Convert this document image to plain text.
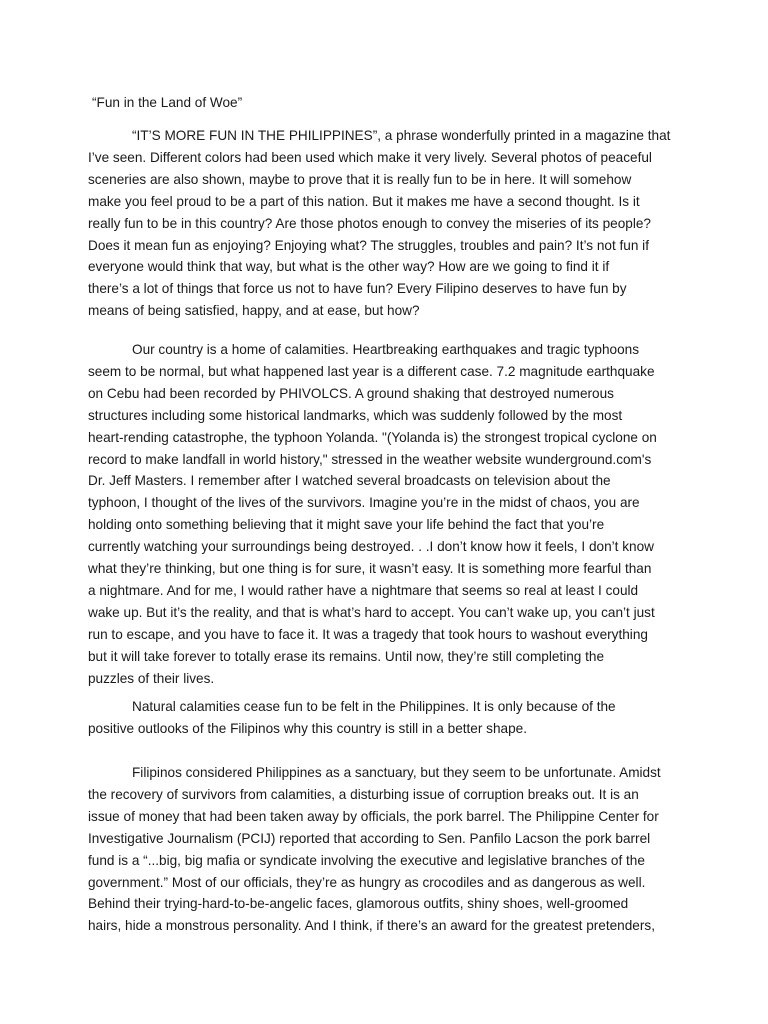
“Fun in the Land of Woe”

“IT’S MORE FUN IN THE PHILIPPINES”, a phrase wonderfully printed in a magazine that
I’ve seen. Different colors had been used which make it very lively. Several photos of peaceful
sceneries are also shown, maybe to prove that it is really fun to be in here. It will somehow
make you feel proud to be a part of this nation. But it makes me have a second thought. Is it
really fun to be in this country? Are those photos enough to convey the miseries of its people?
Does it mean fun as enjoying? Enjoying what? The struggles, troubles and pain? It’s not fun if
everyone would think that way, but what is the other way? How are we going to find it if
there’s a lot of things that force us not to have fun? Every Filipino deserves to have fun by
means of being satisfied, happy, and at ease, but how?
Our country is a home of calamities. Heartbreaking earthquakes and tragic typhoons
seem to be normal, but what happened last year is a different case. 7.2 magnitude earthquake
on Cebu had been recorded by PHIVOLCS. A ground shaking that destroyed numerous
structures including some historical landmarks, which was suddenly followed by the most
heart-rending catastrophe, the typhoon Yolanda. "(Yolanda is) the strongest tropical cyclone on
record to make landfall in world history," stressed in the weather website wunderground.com's
Dr. Jeff Masters. I remember after I watched several broadcasts on television about the
typhoon, I thought of the lives of the survivors. Imagine you’re in the midst of chaos, you are
holding onto something believing that it might save your life behind the fact that you’re
currently watching your surroundings being destroyed. . .I don’t know how it feels, I don’t know
what they’re thinking, but one thing is for sure, it wasn’t easy. It is something more fearful than
a nightmare. And for me, I would rather have a nightmare that seems so real at least I could
wake up. But it’s the reality, and that is what’s hard to accept. You can’t wake up, you can’t just
run to escape, and you have to face it. It was a tragedy that took hours to washout everything
but it will take forever to totally erase its remains. Until now, they’re still completing the
puzzles of their lives.
Natural calamities cease fun to be felt in the Philippines. It is only because of the
positive outlooks of the Filipinos why this country is still in a better shape.
Filipinos considered Philippines as a sanctuary, but they seem to be unfortunate. Amidst
the recovery of survivors from calamities, a disturbing issue of corruption breaks out. It is an
issue of money that had been taken away by officials, the pork barrel. The Philippine Center for
Investigative Journalism (PCIJ) reported that according to Sen. Panfilo Lacson the pork barrel
fund is a “...big, big mafia or syndicate involving the executive and legislative branches of the
government.” Most of our officials, they’re as hungry as crocodiles and as dangerous as well.
Behind their trying-hard-to-be-angelic faces, glamorous outfits, shiny shoes, well-groomed
hairs, hide a monstrous personality. And I think, if there’s an award for the greatest pretenders,
